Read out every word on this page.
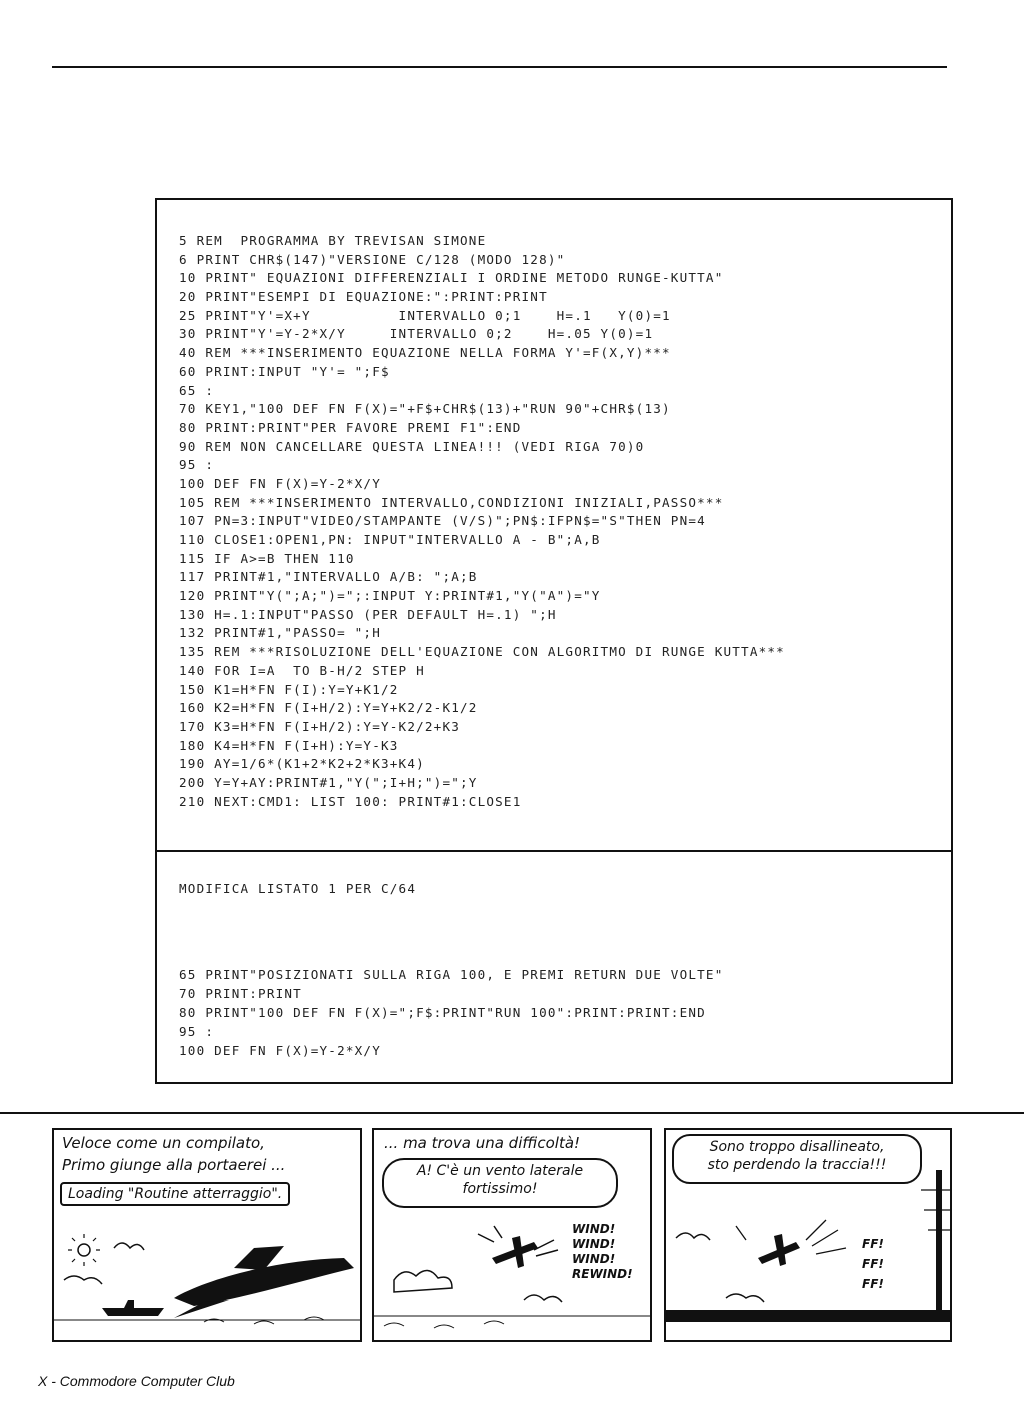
5 REM  PROGRAMMA BY TREVISAN SIMONE
6 PRINT CHR$(147)"VERSIONE C/128 (MODO 128)"
10 PRINT" EQUAZIONI DIFFERENZIALI I ORDINE METODO RUNGE-KUTTA"
20 PRINT"ESEMPI DI EQUAZIONE:":PRINT:PRINT
25 PRINT"Y'=X+Y          INTERVALLO 0;1    H=.1   Y(0)=1
30 PRINT"Y'=Y-2*X/Y     INTERVALLO 0;2    H=.05 Y(0)=1
40 REM ***INSERIMENTO EQUAZIONE NELLA FORMA Y'=F(X,Y)***
60 PRINT:INPUT "Y'= ";F$
65 :
70 KEY1,"100 DEF FN F(X)="+F$+CHR$(13)+"RUN 90"+CHR$(13)
80 PRINT:PRINT"PER FAVORE PREMI F1":END
90 REM NON CANCELLARE QUESTA LINEA!!! (VEDI RIGA 70)0
95 :
100 DEF FN F(X)=Y-2*X/Y
105 REM ***INSERIMENTO INTERVALLO,CONDIZIONI INIZIALI,PASSO***
107 PN=3:INPUT"VIDEO/STAMPANTE (V/S)";PN$:IFPN$="S"THEN PN=4
110 CLOSE1:OPEN1,PN: INPUT"INTERVALLO A - B";A,B
115 IF A>=B THEN 110
117 PRINT#1,"INTERVALLO A/B: ";A;B
120 PRINT"Y(";A;")=";:INPUT Y:PRINT#1,"Y("A")="Y
130 H=.1:INPUT"PASSO (PER DEFAULT H=.1) ";H
132 PRINT#1,"PASSO= ";H
135 REM ***RISOLUZIONE DELL'EQUAZIONE CON ALGORITMO DI RUNGE KUTTA***
140 FOR I=A  TO B-H/2 STEP H
150 K1=H*FN F(I):Y=Y+K1/2
160 K2=H*FN F(I+H/2):Y=Y+K2/2-K1/2
170 K3=H*FN F(I+H/2):Y=Y-K2/2+K3
180 K4=H*FN F(I+H):Y=Y-K3
190 AY=1/6*(K1+2*K2+2*K3+K4)
200 Y=Y+AY:PRINT#1,"Y(";I+H;")=";Y
210 NEXT:CMD1: LIST 100: PRINT#1:CLOSE1
MODIFICA LISTATO 1 PER C/64
65 PRINT"POSIZIONATI SULLA RIGA 100, E PREMI RETURN DUE VOLTE"
70 PRINT:PRINT
80 PRINT"100 DEF FN F(X)=";F$:PRINT"RUN 100":PRINT:PRINT:END
95 :
100 DEF FN F(X)=Y-2*X/Y
Veloce come un compilato,
Primo giunge alla portaerei ...
Loading "Routine atterraggio".
... ma trova una difficoltà!
A! C'è un vento laterale
fortissimo!
WIND!
WIND!
WIND!
REWIND!
Sono troppo disallineato,
sto perdendo la traccia!!!
FF!
FF!
FF!
X - Commodore Computer Club
